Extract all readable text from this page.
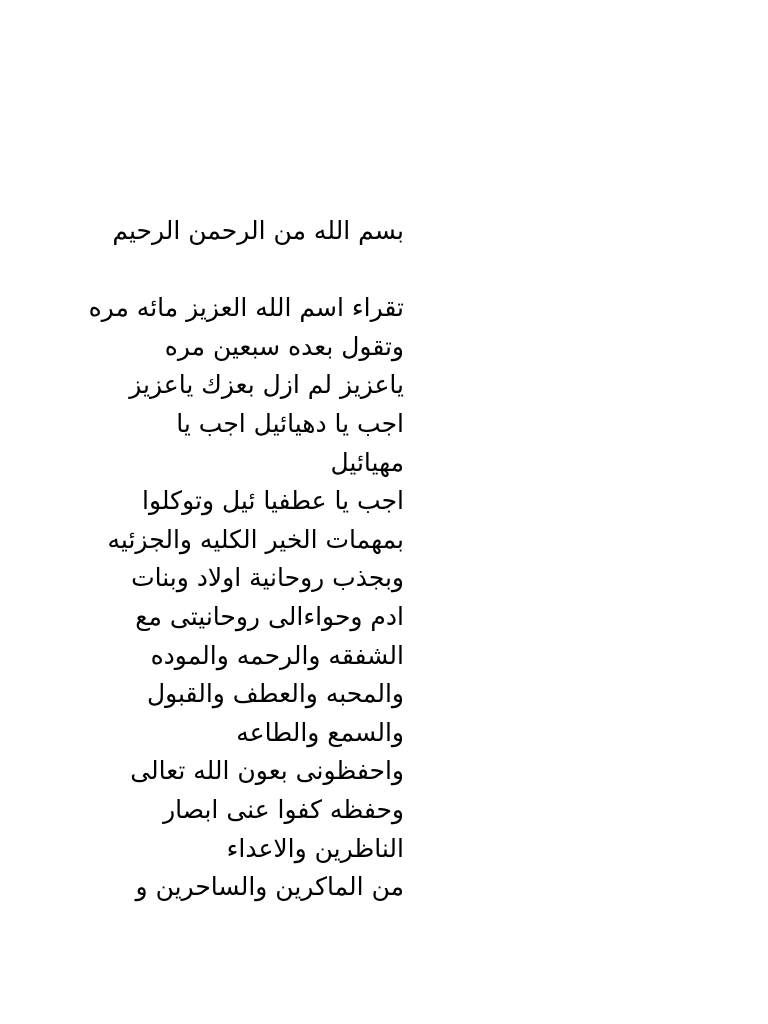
بسم الله من الرحمن الرحيم
تقراء اسم الله العزيز مائه مره
وتقول بعده سبعين مره
ياعزيز لم ازل بعزك ياعزيز
اجب يا دهيائيل اجب يا
مهيائيل
اجب يا عطفيا ئيل وتوكلوا
بمهمات الخير الكليه والجزئيه
وبجذب روحانية اولاد وبنات
ادم وحواءالى روحانيتى مع
الشفقه والرحمه والموده
والمحبه والعطف والقبول
والسمع والطاعه
واحفظونى بعون الله تعالى
وحفظه كفوا عنى ابصار
الناظرين والاعداء
من الماكرين والساحرين و
